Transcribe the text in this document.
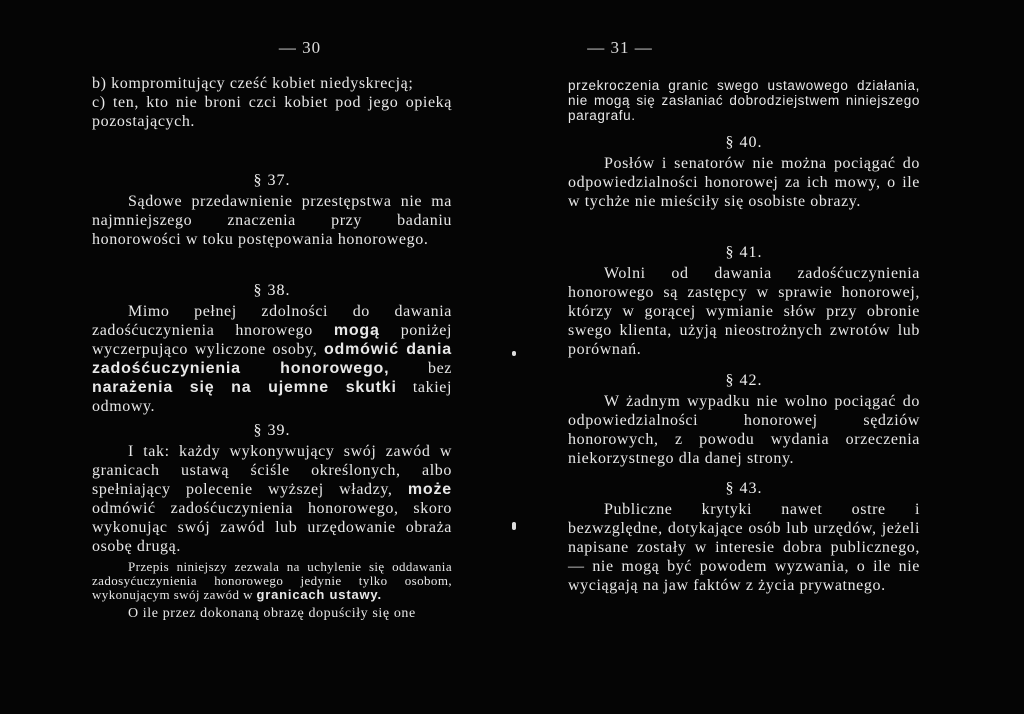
— 30

b) kompromitujący cześć kobiet niedyskrecją;

c) ten, kto nie broni czci kobiet pod jego opieką pozostających.

§ 37.

Sądowe przedawnienie przestępstwa nie ma najmniejszego znaczenia przy badaniu honorowości w toku postępowania honorowego.

§ 38.

Mimo pełnej zdolności do dawania zadośćuczynienia hnorowego mogą poniżej wyczerpująco wyliczone osoby, odmówić dania zadośćuczynienia honorowego, bez narażenia się na ujemne skutki takiej odmowy.

§ 39.

I tak: każdy wykonywujący swój zawód w granicach ustawą ściśle określonych, albo spełniający polecenie wyższej władzy, może odmówić zadośćuczynienia honorowego, skoro wykonując swój zawód lub urzędowanie obraża osobę drugą.

Przepis niniejszy zezwala na uchylenie się oddawania zadosyćuczynienia honorowego jedynie tylko osobom, wykonującym swój zawód w granicach ustawy.

O ile przez dokonaną obrazę dopuściły się one

— 31 —

przekroczenia granic swego ustawowego działania, nie mogą się zasłaniać dobrodziejstwem niniejszego paragrafu.

§ 40.

Posłów i senatorów nie można pociągać do odpowiedzialności honorowej za ich mowy, o ile w tychże nie mieściły się osobiste obrazy.

§ 41.

Wolni od dawania zadośćuczynienia honorowego są zastępcy w sprawie honorowej, którzy w gorącej wymianie słów przy obronie swego klienta, użyją nieostrożnych zwrotów lub porównań.

§ 42.

W żadnym wypadku nie wolno pociągać do odpowiedzialności honorowej sędziów honorowych, z powodu wydania orzeczenia niekorzystnego dla danej strony.

§ 43.

Publiczne krytyki nawet ostre i bezwzględne, dotykające osób lub urzędów, jeżeli napisane zostały w interesie dobra publicznego, — nie mogą być powodem wyzwania, o ile nie wyciągają na jaw faktów z życia prywatnego.
